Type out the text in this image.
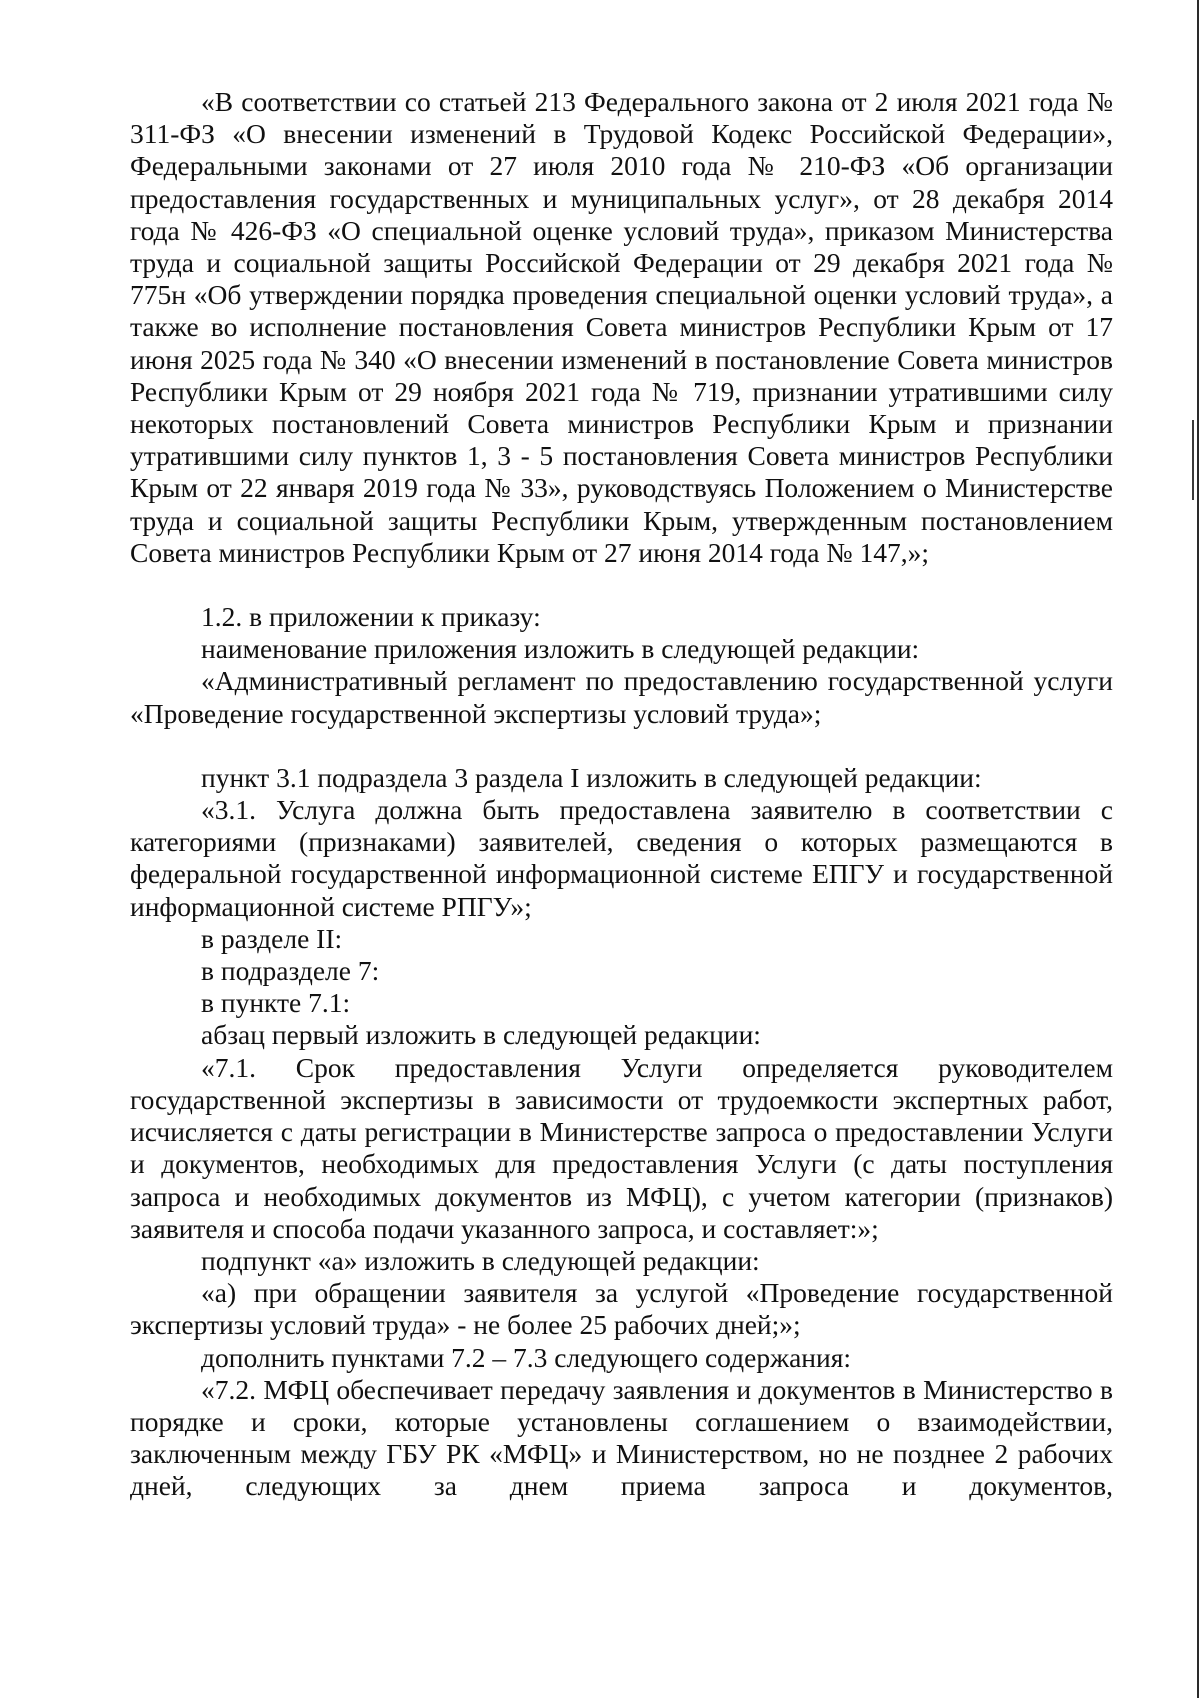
«В соответствии со статьей 213 Федерального закона от 2 июля 2021 года № 311-ФЗ «О внесении изменений в Трудовой Кодекс Российской Федерации», Федеральными законами от 27 июля 2010 года № 210-ФЗ «Об организации предоставления государственных и муниципальных услуг», от 28 декабря 2014 года № 426-ФЗ «О специальной оценке условий труда», приказом Министерства труда и социальной защиты Российской Федерации от 29 декабря 2021 года № 775н «Об утверждении порядка проведения специальной оценки условий труда», а также во исполнение постановления Совета министров Республики Крым от 17 июня 2025 года № 340 «О внесении изменений в постановление Совета министров Республики Крым от 29 ноября 2021 года № 719, признании утратившими силу некоторых постановлений Совета министров Республики Крым и признании утратившими силу пунктов 1, 3 - 5 постановления Совета министров Республики Крым от 22 января 2019 года № 33», руководствуясь Положением о Министерстве труда и социальной защиты Республики Крым, утвержденным постановлением Совета министров Республики Крым от 27 июня 2014 года № 147,»;

1.2. в приложении к приказу:

наименование приложения изложить в следующей редакции:

«Административный регламент по предоставлению государственной услуги «Проведение государственной экспертизы условий труда»;

пункт 3.1 подраздела 3 раздела I изложить в следующей редакции:

«3.1. Услуга должна быть предоставлена заявителю в соответствии с категориями (признаками) заявителей, сведения о которых размещаются в федеральной государственной информационной системе ЕПГУ и государственной информационной системе РПГУ»;

в разделе II:

в подразделе 7:

в пункте 7.1:

абзац первый изложить в следующей редакции:

«7.1. Срок предоставления Услуги определяется руководителем государственной экспертизы в зависимости от трудоемкости экспертных работ, исчисляется с даты регистрации в Министерстве запроса о предоставлении Услуги и документов, необходимых для предоставления Услуги (с даты поступления запроса и необходимых документов из МФЦ), с учетом категории (признаков) заявителя и способа подачи указанного запроса, и составляет:»;

подпункт «а» изложить в следующей редакции:

«а) при обращении заявителя за услугой «Проведение государственной экспертизы условий труда» - не более 25 рабочих дней;»;

дополнить пунктами 7.2 – 7.3 следующего содержания:

«7.2. МФЦ обеспечивает передачу заявления и документов в Министерство в порядке и сроки, которые установлены соглашением о взаимодействии, заключенным между ГБУ РК «МФЦ» и Министерством, но не позднее 2 рабочих дней, следующих за днем приема запроса и документов,
